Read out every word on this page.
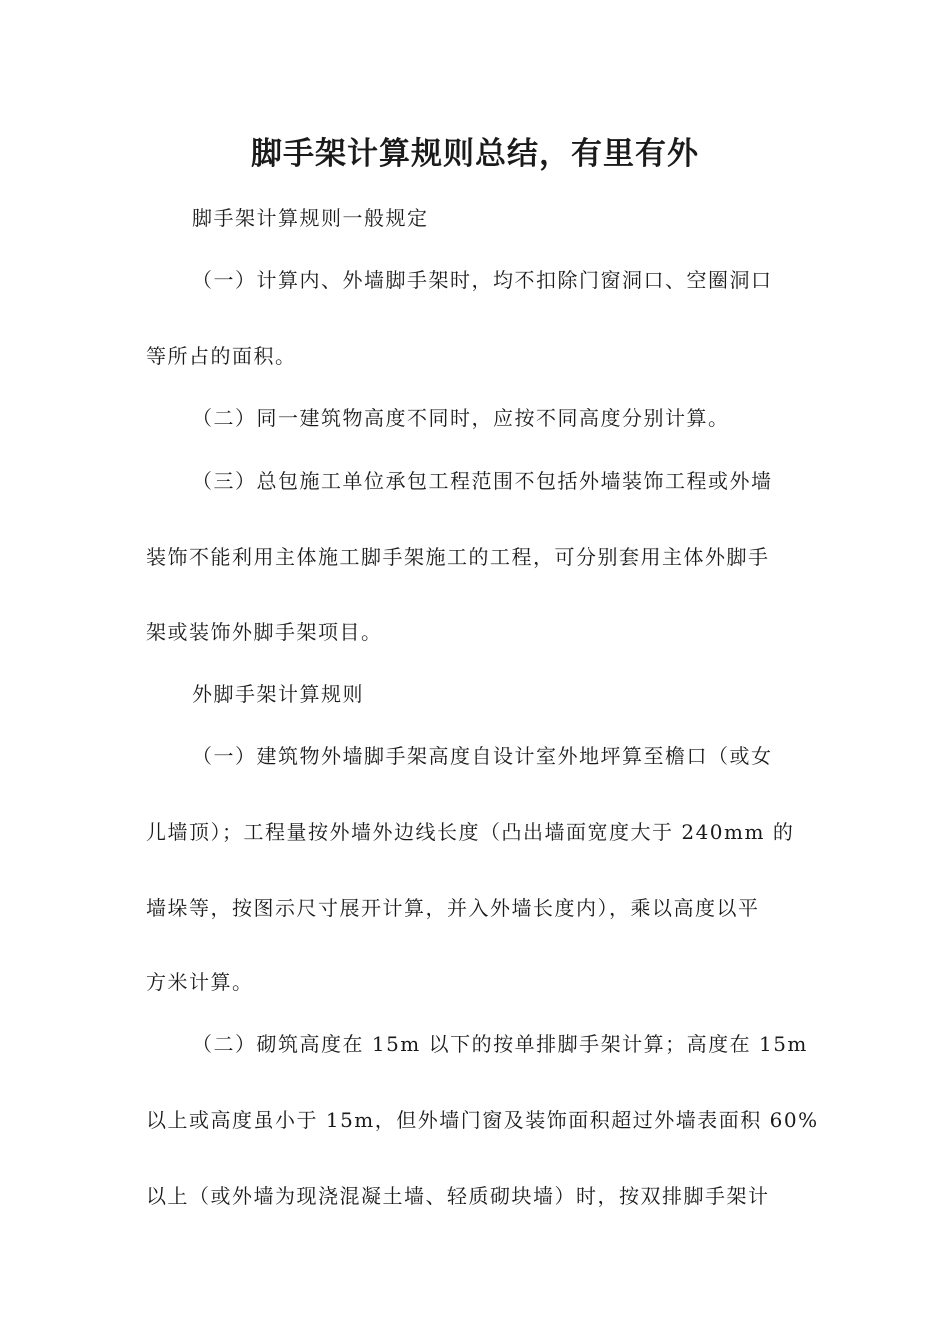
脚手架计算规则总结，有里有外
脚手架计算规则一般规定
（一）计算内、外墙脚手架时，均不扣除门窗洞口、空圈洞口
等所占的面积。
（二）同一建筑物高度不同时，应按不同高度分别计算。
（三）总包施工单位承包工程范围不包括外墙装饰工程或外墙
装饰不能利用主体施工脚手架施工的工程，可分别套用主体外脚手
架或装饰外脚手架项目。
外脚手架计算规则
（一）建筑物外墙脚手架高度自设计室外地坪算至檐口（或女
儿墙顶）；工程量按外墙外边线长度（凸出墙面宽度大于 240mm 的
墙垛等，按图示尺寸展开计算，并入外墙长度内），乘以高度以平
方米计算。
（二）砌筑高度在 15m 以下的按单排脚手架计算；高度在 15m
以上或高度虽小于 15m，但外墙门窗及装饰面积超过外墙表面积 60%
以上（或外墙为现浇混凝土墙、轻质砌块墙）时，按双排脚手架计
